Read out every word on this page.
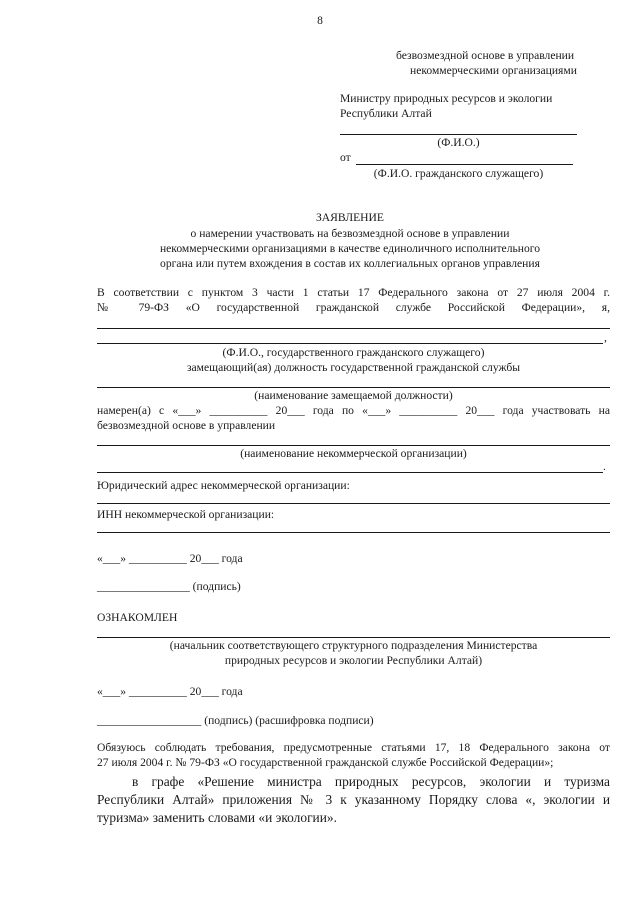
8
безвозмездной основе в управлении
некоммерческими организациями
Министру природных ресурсов и экологии
Республики Алтай
(Ф.И.О.)
от
(Ф.И.О. гражданского служащего)
ЗАЯВЛЕНИЕ
о намерении участвовать на безвозмездной основе в управлении
некоммерческими организациями в качестве единоличного исполнительного
органа или путем вхождения в состав их коллегиальных органов управления
В соответствии с пунктом 3 части 1 статьи 17 Федерального закона от 27 июля 2004 г.
№ 79-ФЗ «О государственной гражданской службе Российской Федерации», я,
,
(Ф.И.О., государственного гражданского служащего)
замещающий(ая) должность государственной гражданской службы
(наименование замещаемой должности)
намерен(а) с «___» __________ 20___ года по «___» __________ 20___ года участвовать на
безвозмездной основе в управлении
(наименование некоммерческой организации)
.
Юридический адрес некоммерческой организации:
ИНН некоммерческой организации:
«___» __________ 20___ года
________________ (подпись)
ОЗНАКОМЛЕН
(начальник соответствующего структурного подразделения Министерства
природных ресурсов и экологии Республики Алтай)
«___» __________ 20___ года
__________________ (подпись) (расшифровка подписи)
Обязуюсь соблюдать требования, предусмотренные статьями 17, 18 Федерального закона от
27 июля 2004 г. № 79-ФЗ «О государственной гражданской службе Российской Федерации»;
в графе «Решение министра природных ресурсов, экологии и туризма
Республики Алтай» приложения № 3 к указанному Порядку слова «, экологии и
туризма» заменить словами «и экологии».
